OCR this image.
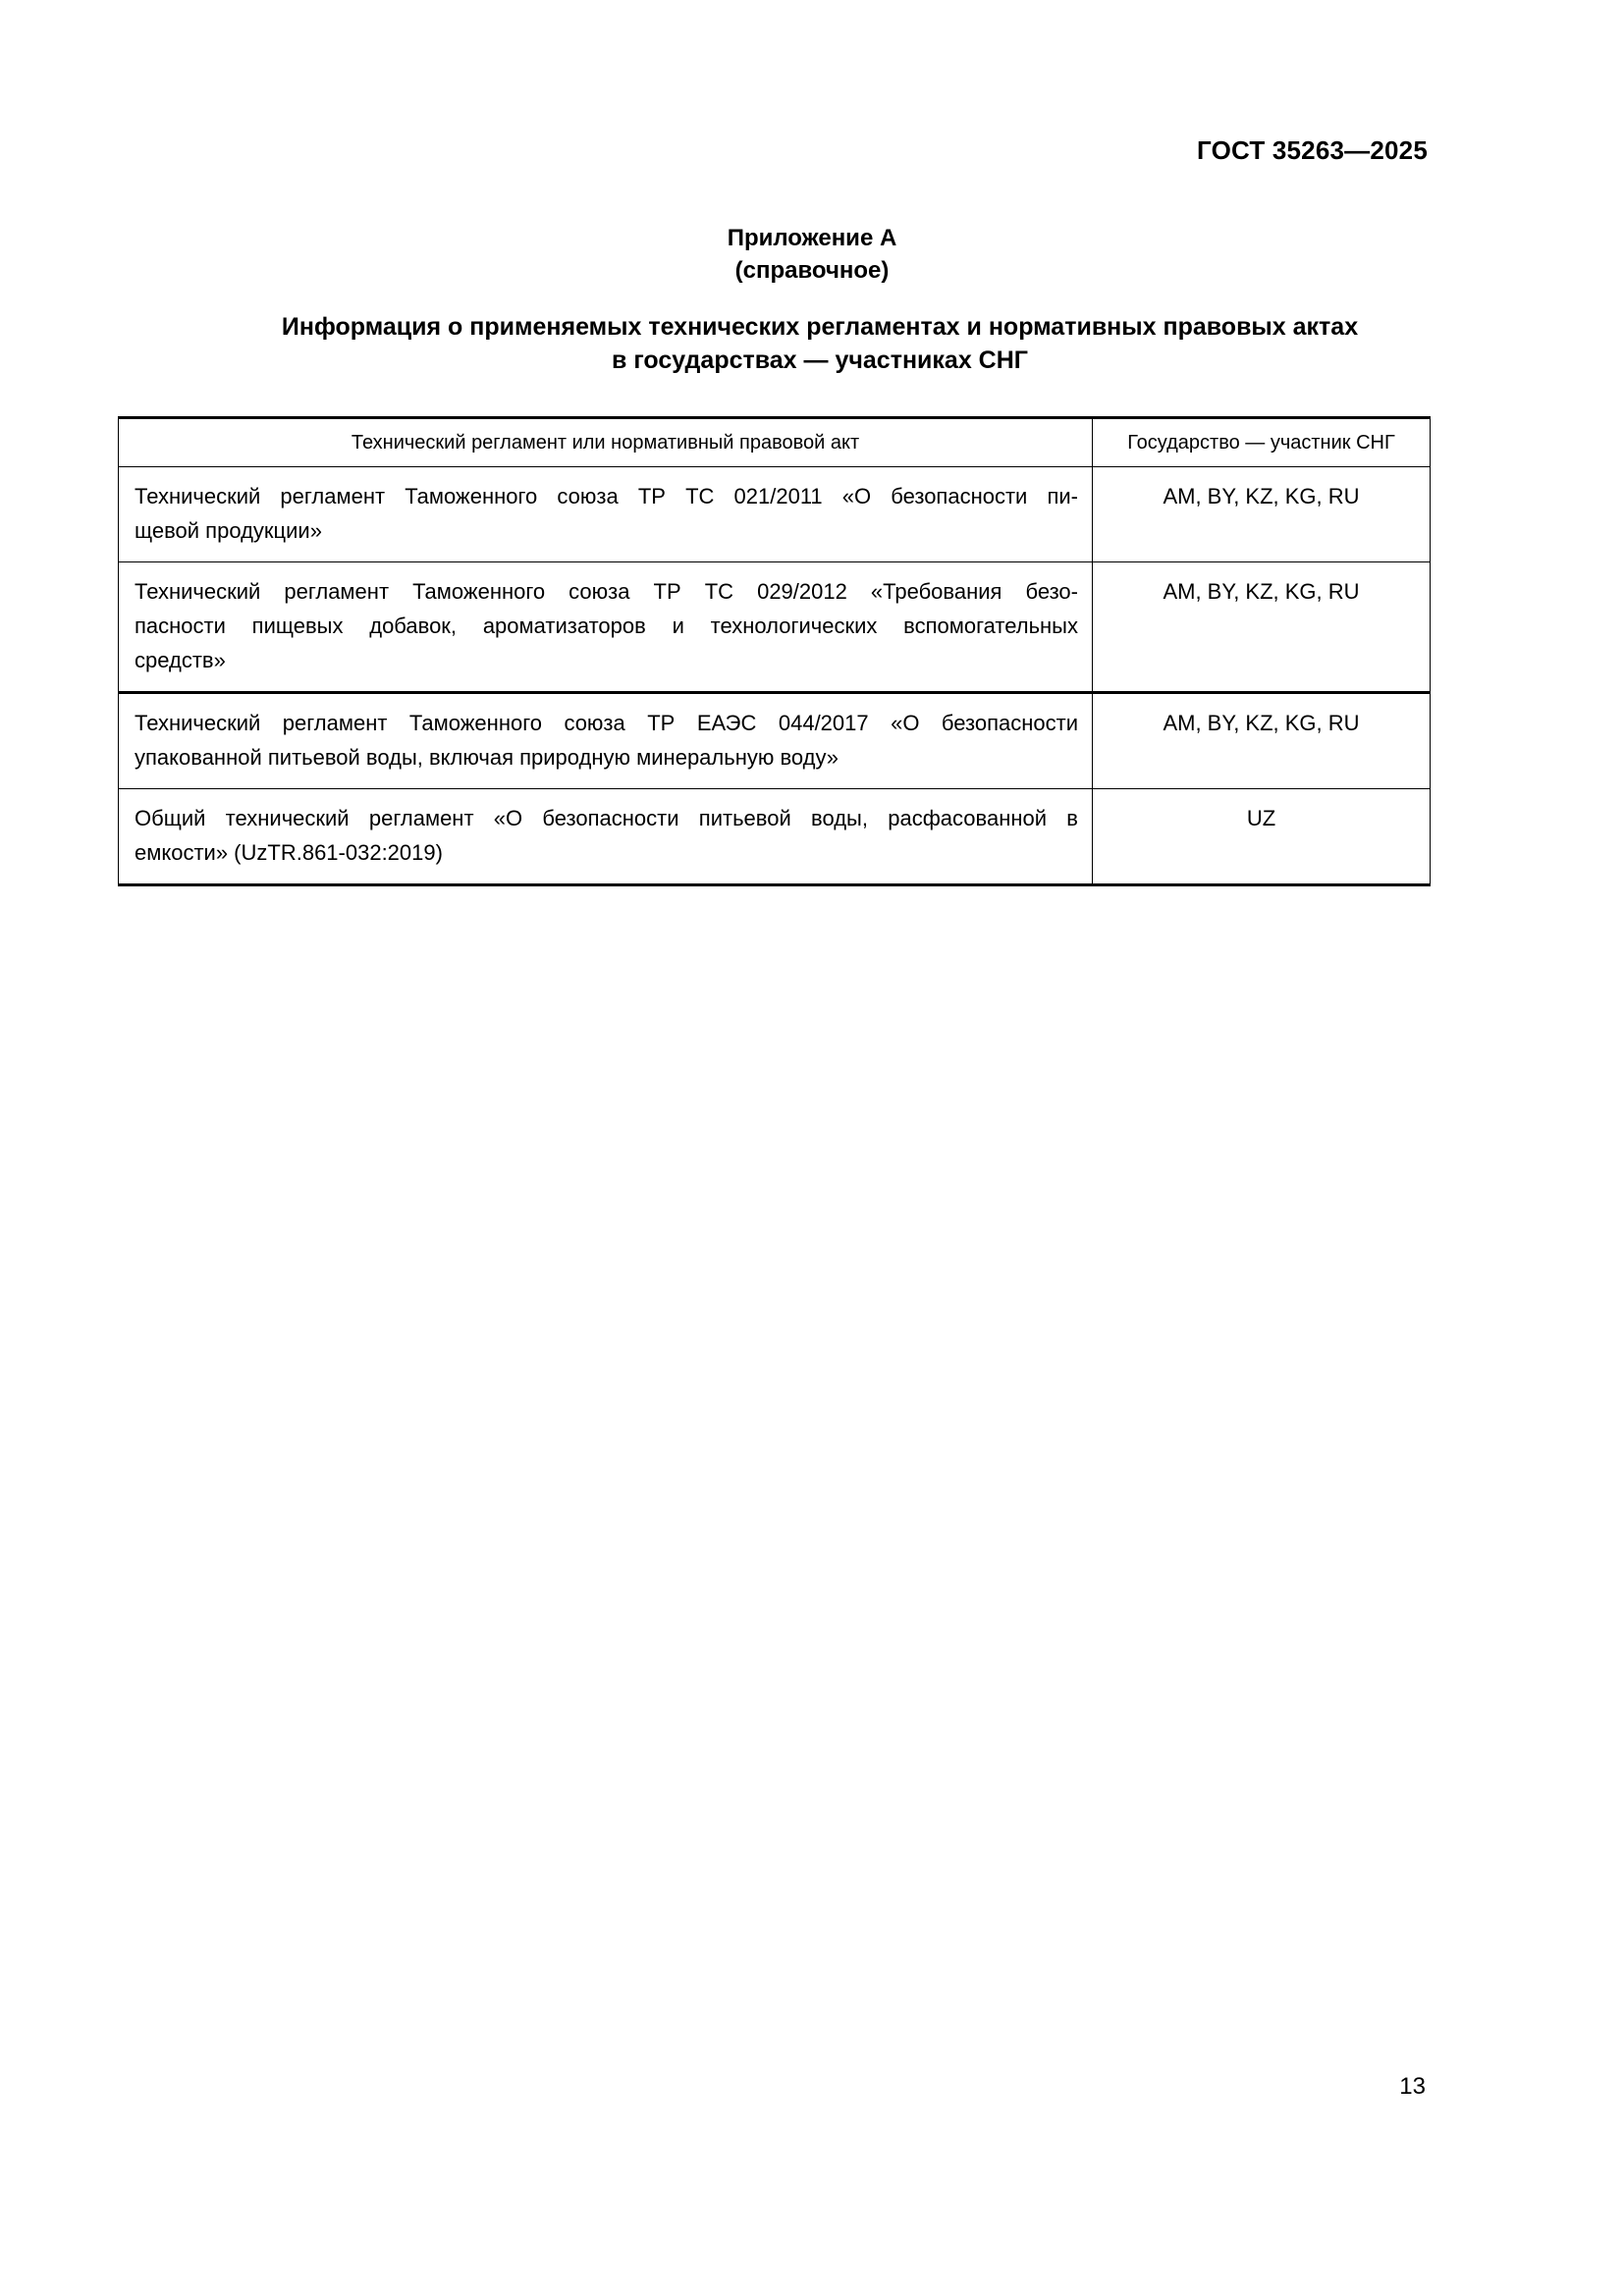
ГОСТ 35263—2025
Приложение А
(справочное)
Информация о применяемых технических регламентах и нормативных правовых актах
в государствах — участниках СНГ
Технический регламент или нормативный правовой акт	Государство — участник СНГ

Технический регламент Таможенного союза ТР ТС 021/2011 «О безопасности пи-
щевой продукции»	AM, BY, KZ, KG, RU

Технический регламент Таможенного союза ТР ТС 029/2012 «Требования безо-
пасности пищевых добавок, ароматизаторов и технологических вспомогательных
средств»	AM, BY, KZ, KG, RU

Технический регламент Таможенного союза ТР ЕАЭС 044/2017 «О безопасности
упакованной питьевой воды, включая природную минеральную воду»	AM, BY, KZ, KG, RU

Общий технический регламент «О безопасности питьевой воды, расфасованной в
емкости» (UzTR.861-032:2019)	UZ
13
